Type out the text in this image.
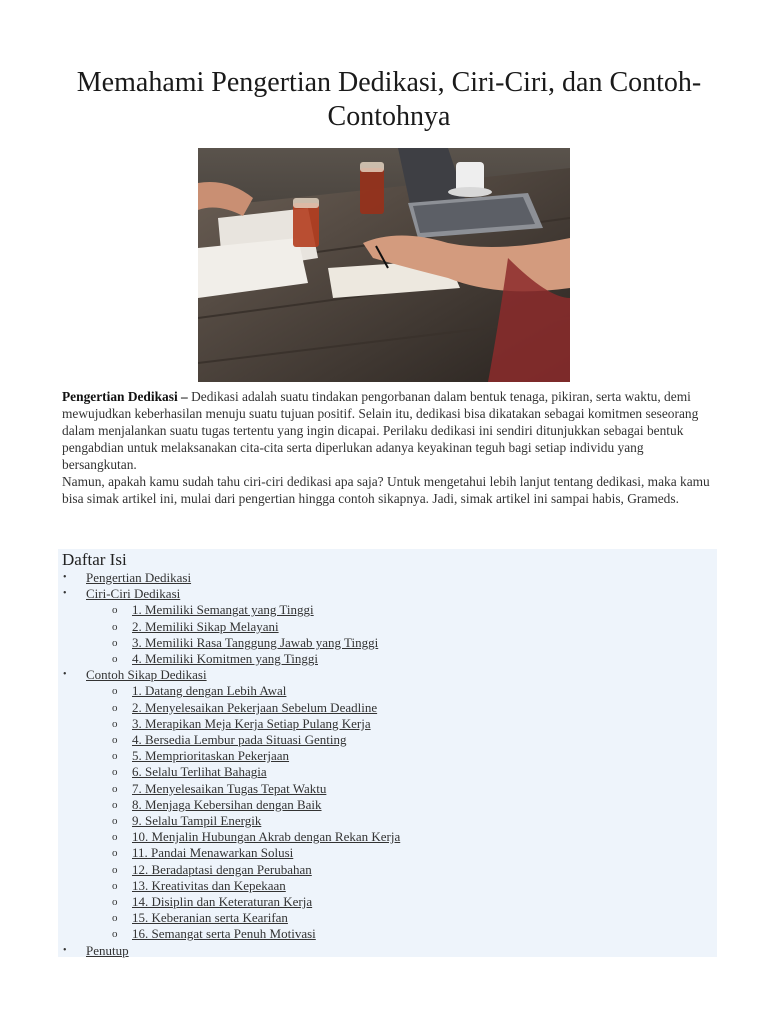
Memahami Pengertian Dedikasi, Ciri-Ciri, dan Contoh-Contohnya

Pengertian Dedikasi – Dedikasi adalah suatu tindakan pengorbanan dalam bentuk tenaga, pikiran, serta waktu, demi mewujudkan keberhasilan menuju suatu tujuan positif. Selain itu, dedikasi bisa dikatakan sebagai komitmen seseorang dalam menjalankan suatu tugas tertentu yang ingin dicapai. Perilaku dedikasi ini sendiri ditunjukkan sebagai bentuk pengabdian untuk melaksanakan cita-cita serta diperlukan adanya keyakinan teguh bagi setiap individu yang bersangkutan.

Namun, apakah kamu sudah tahu ciri-ciri dedikasi apa saja? Untuk mengetahui lebih lanjut tentang dedikasi, maka kamu bisa simak artikel ini, mulai dari pengertian hingga contoh sikapnya. Jadi, simak artikel ini sampai habis, Grameds.

Daftar Isi
• Pengertian Dedikasi
• Ciri-Ciri Dedikasi
o 1. Memiliki Semangat yang Tinggi
o 2. Memiliki Sikap Melayani
o 3. Memiliki Rasa Tanggung Jawab yang Tinggi
o 4. Memiliki Komitmen yang Tinggi
• Contoh Sikap Dedikasi
o 1. Datang dengan Lebih Awal
o 2. Menyelesaikan Pekerjaan Sebelum Deadline
o 3. Merapikan Meja Kerja Setiap Pulang Kerja
o 4. Bersedia Lembur pada Situasi Genting
o 5. Memprioritaskan Pekerjaan
o 6. Selalu Terlihat Bahagia
o 7. Menyelesaikan Tugas Tepat Waktu
o 8. Menjaga Kebersihan dengan Baik
o 9. Selalu Tampil Energik
o 10. Menjalin Hubungan Akrab dengan Rekan Kerja
o 11. Pandai Menawarkan Solusi
o 12. Beradaptasi dengan Perubahan
o 13. Kreativitas dan Kepekaan
o 14. Disiplin dan Keteraturan Kerja
o 15. Keberanian serta Kearifan
o 16. Semangat serta Penuh Motivasi
• Penutup
